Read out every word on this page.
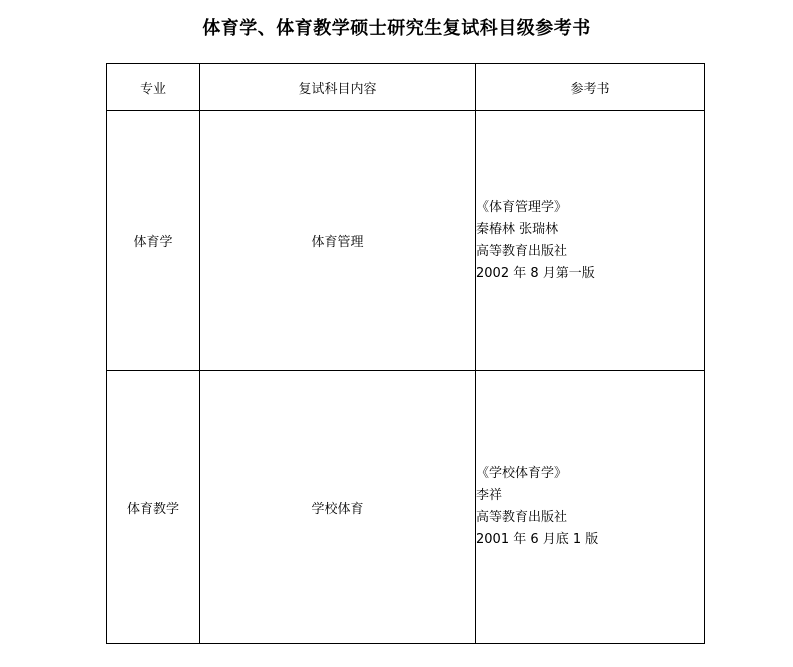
体育学、体育教学硕士研究生复试科目级参考书
专业	复试科目内容	参考书
体育学	体育管理	《体育管理学》
秦椿林 张瑞林
高等教育出版社
2002 年 8 月第一版

体育教学	学校体育	《学校体育学》
李祥
高等教育出版社
2001 年 6 月底 1 版
